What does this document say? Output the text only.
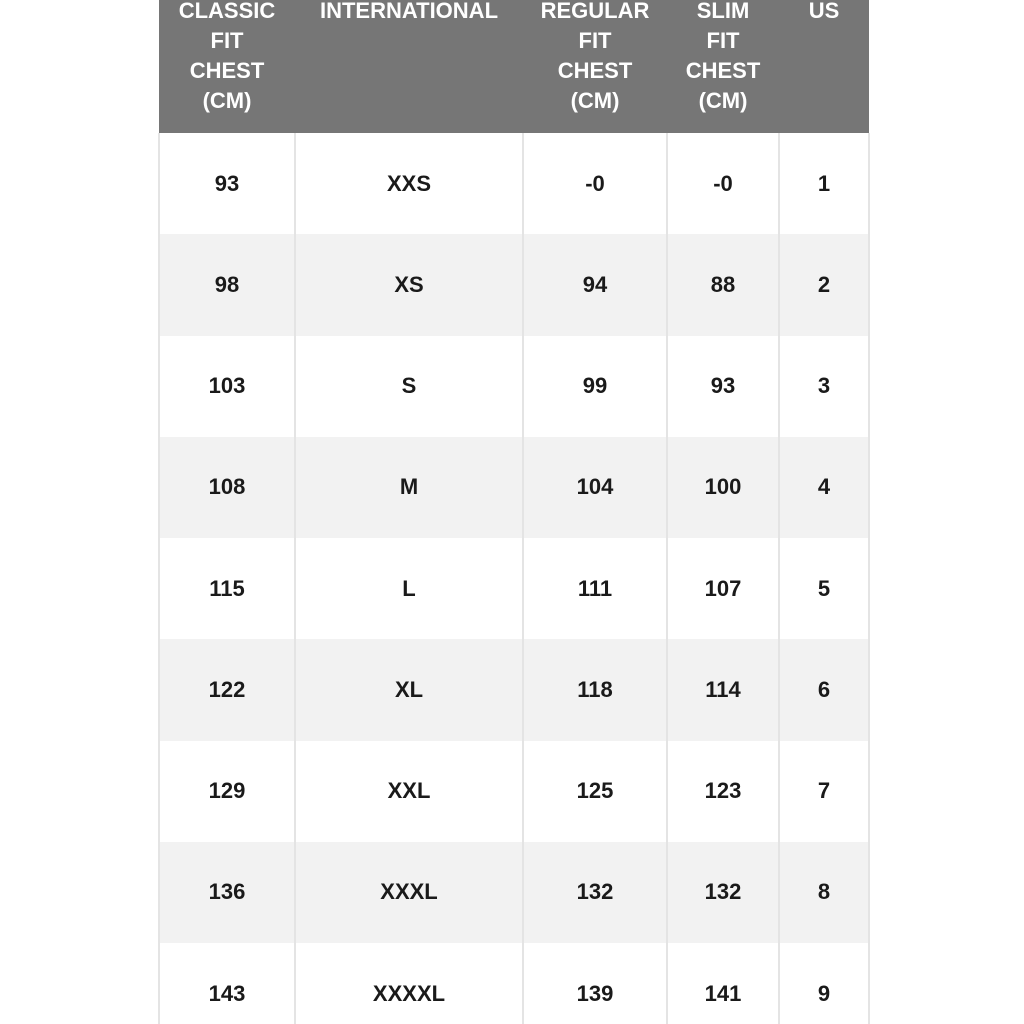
CLASSIC
FIT
CHEST
(CM)	INTERNATIONAL	REGULAR
FIT
CHEST
(CM)	SLIM
FIT
CHEST
(CM)	US

93	XXS	-0	-0	1
98	XS	94	88	2
103	S	99	93	3
108	M	104	100	4
115	L	111	107	5
122	XL	118	114	6
129	XXL	125	123	7
136	XXXL	132	132	8
143	XXXXL	139	141	9
